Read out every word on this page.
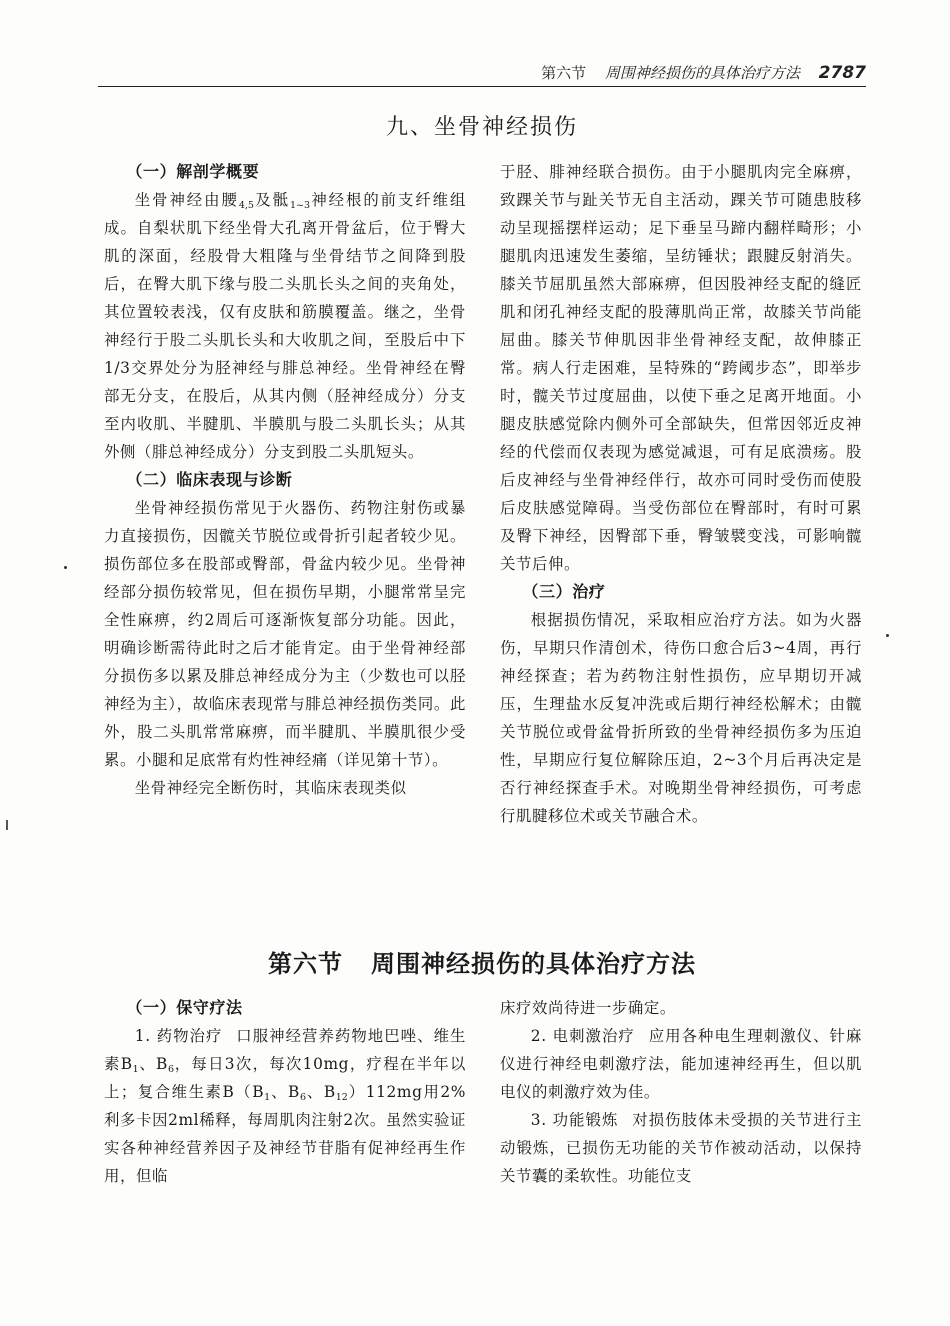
第六节 周围神经损伤的具体治疗方法 2787
九、坐骨神经损伤
（一）解剖学概要

坐骨神经由腰$_{4,5}$及骶$_{1\sim 3}$神经根的前支纤维组成。自梨状肌下经坐骨大孔离开骨盆后，位于臀大肌的深面，经股骨大粗隆与坐骨结节之间降到股后，在臀大肌下缘与股二头肌长头之间的夹角处，其位置较表浅，仅有皮肤和筋膜覆盖。继之，坐骨神经行于股二头肌长头和大收肌之间，至股后中下1/3交界处分为胫神经与腓总神经。坐骨神经在臀部无分支，在股后，从其内侧（胫神经成分）分支至内收肌、半腱肌、半膜肌与股二头肌长头；从其外侧（腓总神经成分）分支到股二头肌短头。

（二）临床表现与诊断

坐骨神经损伤常见于火器伤、药物注射伤或暴力直接损伤，因髋关节脱位或骨折引起者较少见。损伤部位多在股部或臀部，骨盆内较少见。坐骨神经部分损伤较常见，但在损伤早期，小腿常常呈完全性麻痹，约2周后可逐渐恢复部分功能。因此，明确诊断需待此时之后才能肯定。由于坐骨神经部分损伤多以累及腓总神经成分为主（少数也可以胫神经为主），故临床表现常与腓总神经损伤类同。此外，股二头肌常常麻痹，而半腱肌、半膜肌很少受累。小腿和足底常有灼性神经痛（详见第十节）。

坐骨神经完全断伤时，其临床表现类似

于胫、腓神经联合损伤。由于小腿肌肉完全麻痹，致踝关节与趾关节无自主活动，踝关节可随患肢移动呈现摇摆样运动；足下垂呈马蹄内翻样畸形；小腿肌肉迅速发生萎缩，呈纺锤状；跟腱反射消失。膝关节屈肌虽然大部麻痹，但因股神经支配的缝匠肌和闭孔神经支配的股薄肌尚正常，故膝关节尚能屈曲。膝关节伸肌因非坐骨神经支配，故伸膝正常。病人行走困难，呈特殊的“跨阈步态”，即举步时，髋关节过度屈曲，以使下垂之足离开地面。小腿皮肤感觉除内侧外可全部缺失，但常因邻近皮神经的代偿而仅表现为感觉减退，可有足底溃疡。股后皮神经与坐骨神经伴行，故亦可同时受伤而使股后皮肤感觉障碍。当受伤部位在臀部时，有时可累及臀下神经，因臀部下垂，臀皱襞变浅，可影响髋关节后伸。

（三）治疗

根据损伤情况，采取相应治疗方法。如为火器伤，早期只作清创术，待伤口愈合后3~4周，再行神经探查；若为药物注射性损伤，应早期切开减压，生理盐水反复冲洗或后期行神经松解术；由髋关节脱位或骨盆骨折所致的坐骨神经损伤多为压迫性，早期应行复位解除压迫，2~3个月后再决定是否行神经探查手术。对晚期坐骨神经损伤，可考虑行肌腱移位术或关节融合术。

第六节 周围神经损伤的具体治疗方法
（一）保守疗法

1. 药物治疗 口服神经营养药物地巴唑、维生素$B_1$、$B_6$，每日3次，每次10mg，疗程在半年以上；复合维生素$B(B_1$、$B_6$、$B_{12})112mg$用2%利多卡因2ml稀释，每周肌肉注射2次。虽然实验证实各种神经营养因子及神经节苷脂有促神经再生作用，但临

床疗效尚待进一步确定。

2. 电刺激治疗 应用各种电生理刺激仪、针麻仪进行神经电刺激疗法，能加速神经再生，但以肌电仪的刺激疗效为佳。

3. 功能锻炼 对损伤肢体未受损的关节进行主动锻炼，已损伤无功能的关节作被动活动，以保持关节囊的柔软性。功能位支
